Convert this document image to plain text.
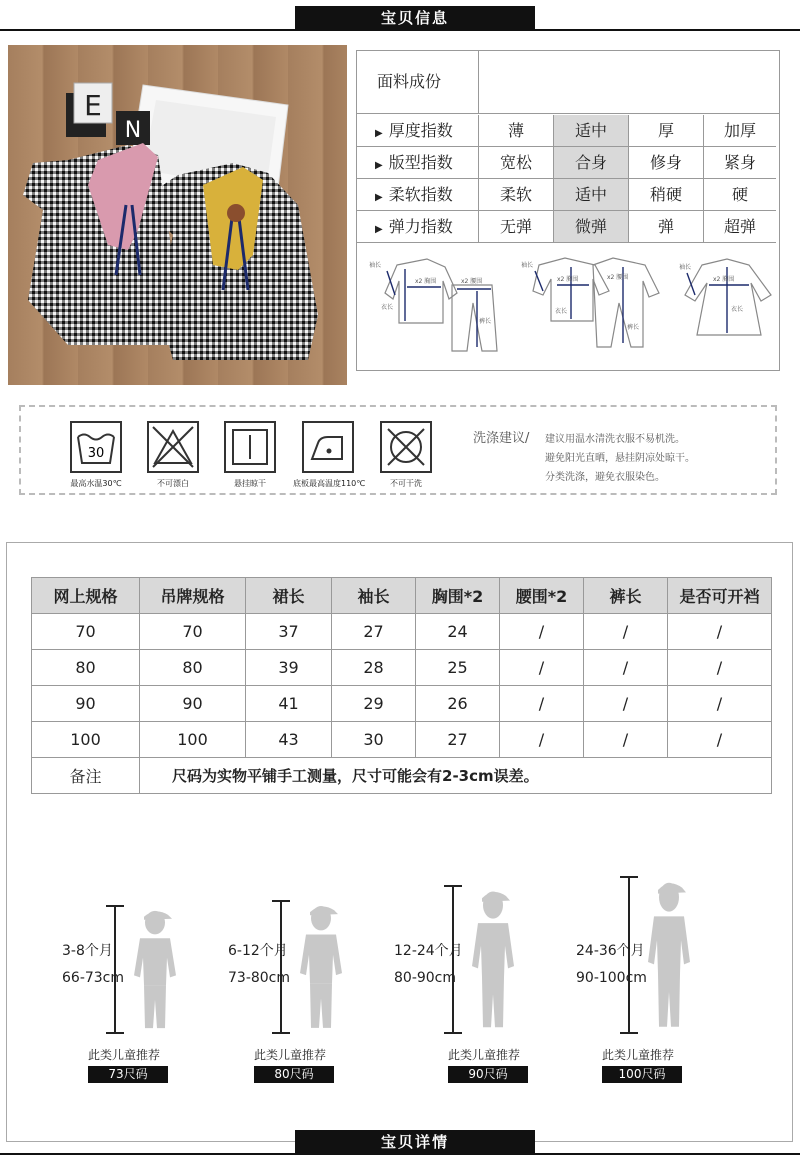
宝贝信息
E
N
面料成份
▶ 厚度指数	薄	适中	厚	加厚
▶ 版型指数	宽松	合身	修身	紧身
▶ 柔软指数	柔软	适中	稍硬	硬
▶ 弹力指数	无弹	微弹	弹	超弹
袖长
衣长
x2 胸围	x2 腰围
裤长
袖长
x2 胸围
衣长
裤长
x2 腰围
袖长
x2 胸围
衣长
30
最高水温30℃	不可漂白	悬挂晾干	底板最高温度110℃	不可干洗
洗涤建议/ 建议用温水清洗衣服不易机洗。
避免阳光直晒，悬挂阴凉处晾干。
分类洗涤，避免衣服染色。
网上规格	吊牌规格	裙长	袖长	胸围*2	腰围*2	裤长	是否可开裆
70	70	37	27	24	/	/	/
80	80	39	28	25	/	/	/
90	90	41	29	26	/	/	/
100	100	43	30	27	/	/	/
备注	尺码为实物平铺手工测量，尺寸可能会有2-3cm误差。						
3-8个月
66-73cm
此类儿童推荐
73尺码
6-12个月
73-80cm
此类儿童推荐
80尺码
12-24个月
80-90cm
此类儿童推荐
90尺码
24-36个月
90-100cm
此类儿童推荐
100尺码
宝贝详情
